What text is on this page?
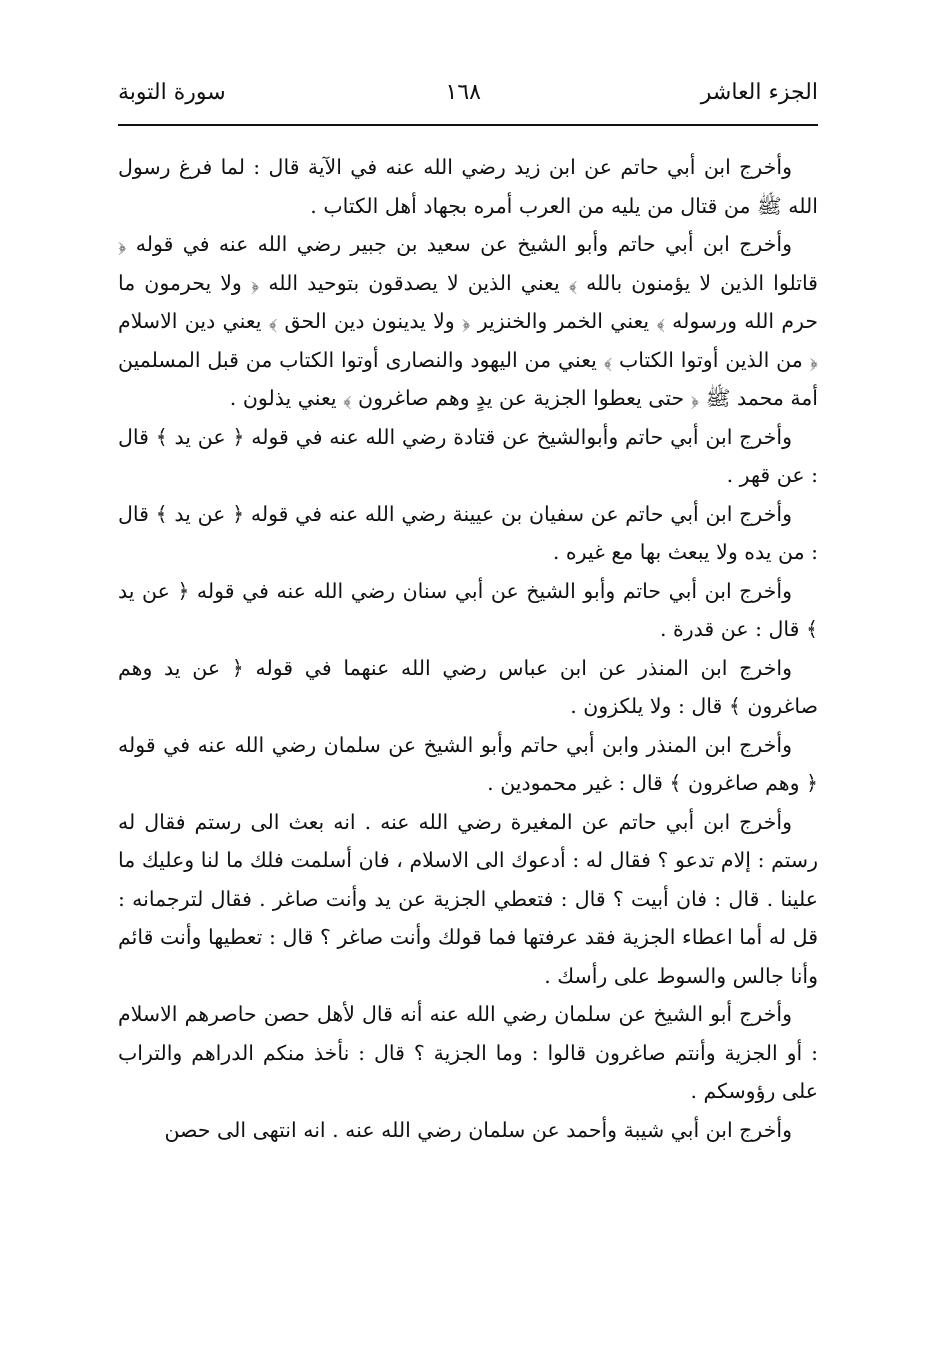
الجزء العاشر
١٦٨
سورة التوبة

وأخرج ابن أبي حاتم عن ابن زيد رضي الله عنه في الآية قال : لما فرغ رسول الله ﷺ من قتال من يليه من العرب أمره بجهاد أهل الكتاب .

وأخرج ابن أبي حاتم وأبو الشيخ عن سعيد بن جبير رضي الله عنه في قوله ﴿ قاتلوا الذين لا يؤمنون بالله ﴾ يعني الذين لا يصدقون بتوحيد الله ﴿ ولا يحرمون ما حرم الله ورسوله ﴾ يعني الخمر والخنزير ﴿ ولا يدينون دين الحق ﴾ يعني دين الاسلام ﴿ من الذين أوتوا الكتاب ﴾ يعني من اليهود والنصارى أوتوا الكتاب من قبل المسلمين أمة محمد ﷺ ﴿ حتى يعطوا الجزية عن يدٍ وهم صاغرون ﴾ يعني يذلون .

وأخرج ابن أبي حاتم وأبوالشيخ عن قتادة رضي الله عنه في قوله ﴿ عن يد ﴾ قال : عن قهر .

وأخرج ابن أبي حاتم عن سفيان بن عيينة رضي الله عنه في قوله ﴿ عن يد ﴾ قال : من يده ولا يبعث بها مع غيره .

وأخرج ابن أبي حاتم وأبو الشيخ عن أبي سنان رضي الله عنه في قوله ﴿ عن يد ﴾ قال : عن قدرة .

واخرج ابن المنذر عن ابن عباس رضي الله عنهما في قوله ﴿ عن يد وهم صاغرون ﴾ قال : ولا يلكزون .

وأخرج ابن المنذر وابن أبي حاتم وأبو الشيخ عن سلمان رضي الله عنه في قوله ﴿ وهم صاغرون ﴾ قال : غير محمودين .

وأخرج ابن أبي حاتم عن المغيرة رضي الله عنه . انه بعث الى رستم فقال له رستم : إلام تدعو ؟ فقال له : أدعوك الى الاسلام ، فان أسلمت فلك ما لنا وعليك ما علينا . قال : فان أبيت ؟ قال : فتعطي الجزية عن يد وأنت صاغر . فقال لترجمانه : قل له أما اعطاء الجزية فقد عرفتها فما قولك وأنت صاغر ؟ قال : تعطيها وأنت قائم وأنا جالس والسوط على رأسك .

وأخرج أبو الشيخ عن سلمان رضي الله عنه أنه قال لأهل حصن حاصرهم الاسلام : أو الجزية وأنتم صاغرون قالوا : وما الجزية ؟ قال : نأخذ منكم الدراهم والتراب على رؤوسكم .

وأخرج ابن أبي شيبة وأحمد عن سلمان رضي الله عنه . انه انتهى الى حصن
